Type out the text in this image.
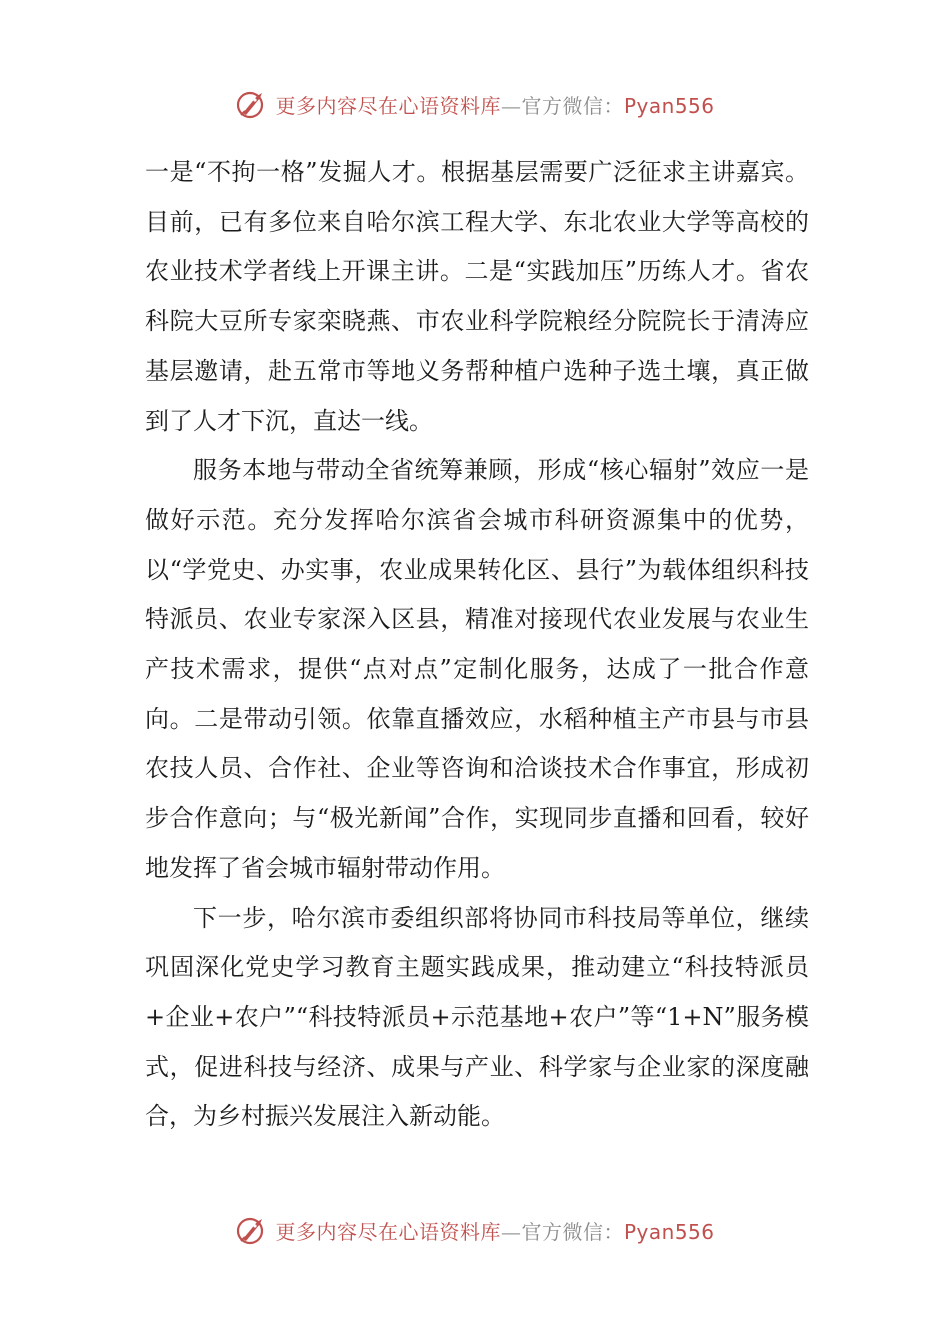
更多内容尽在心语资料库—官方微信：Pyan556

一是“不拘一格”发掘人才。根据基层需要广泛征求主讲嘉宾。目前，已有多位来自哈尔滨工程大学、东北农业大学等高校的农业技术学者线上开课主讲。二是“实践加压”历练人才。省农科院大豆所专家栾晓燕、市农业科学院粮经分院院长于清涛应基层邀请，赴五常市等地义务帮种植户选种子选土壤，真正做到了人才下沉，直达一线。

服务本地与带动全省统筹兼顾，形成“核心辐射”效应一是做好示范。充分发挥哈尔滨省会城市科研资源集中的优势，以“学党史、办实事，农业成果转化区、县行”为载体组织科技特派员、农业专家深入区县，精准对接现代农业发展与农业生产技术需求，提供“点对点”定制化服务，达成了一批合作意向。二是带动引领。依靠直播效应，水稻种植主产市县与市县农技人员、合作社、企业等咨询和洽谈技术合作事宜，形成初步合作意向；与“极光新闻”合作，实现同步直播和回看，较好地发挥了省会城市辐射带动作用。

下一步，哈尔滨市委组织部将协同市科技局等单位，继续巩固深化党史学习教育主题实践成果，推动建立“科技特派员+企业+农户”“科技特派员+示范基地+农户”等“1+N”服务模式，促进科技与经济、成果与产业、科学家与企业家的深度融合，为乡村振兴发展注入新动能。

更多内容尽在心语资料库—官方微信：Pyan556
